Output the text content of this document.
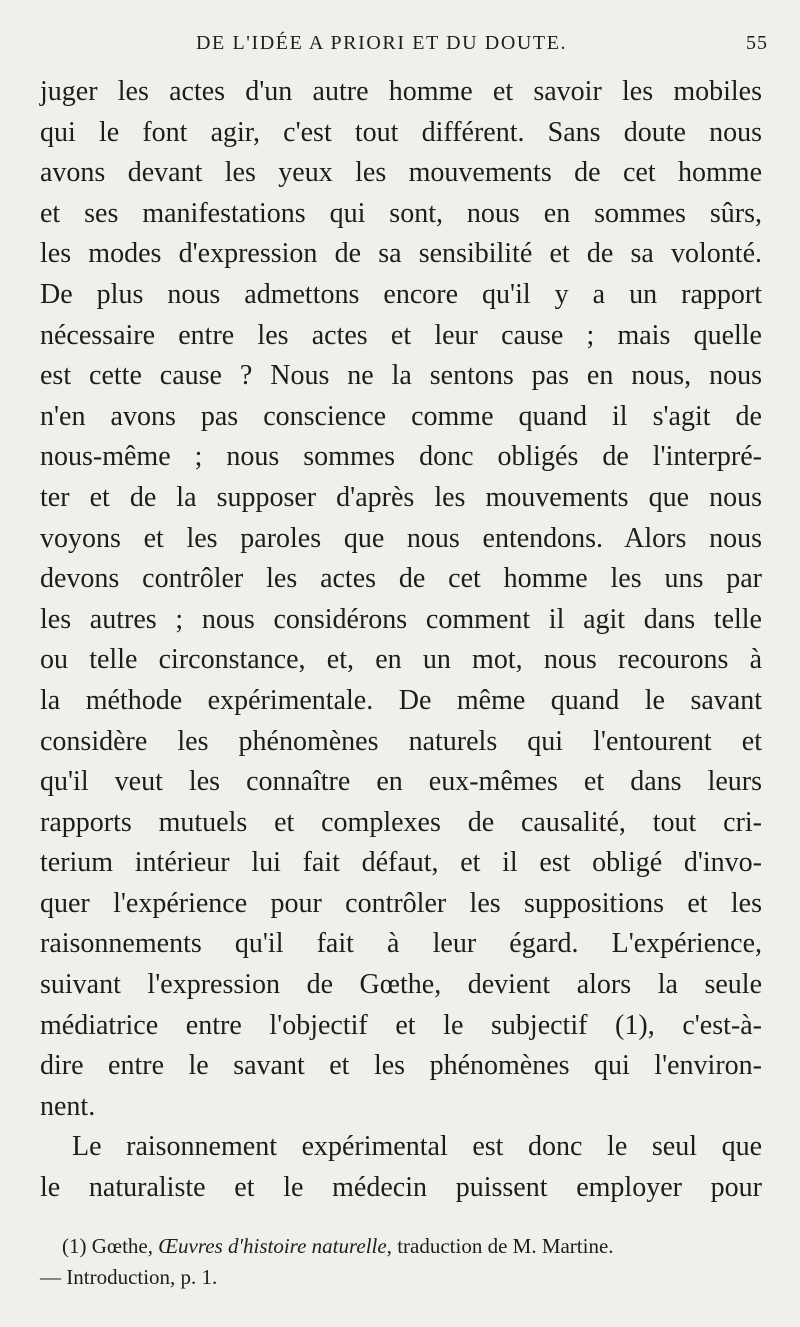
DE L'IDÉE A PRIORI ET DU DOUTE.	55
juger les actes d'un autre homme et savoir les mobiles
qui le font agir, c'est tout différent. Sans doute nous
avons devant les yeux les mouvements de cet homme
et ses manifestations qui sont, nous en sommes sûrs,
les modes d'expression de sa sensibilité et de sa volonté.
De plus nous admettons encore qu'il y a un rapport
nécessaire entre les actes et leur cause ; mais quelle
est cette cause ? Nous ne la sentons pas en nous, nous
n'en avons pas conscience comme quand il s'agit de
nous-même ; nous sommes donc obligés de l'interpré-
ter et de la supposer d'après les mouvements que nous
voyons et les paroles que nous entendons. Alors nous
devons contrôler les actes de cet homme les uns par
les autres ; nous considérons comment il agit dans telle
ou telle circonstance, et, en un mot, nous recourons à
la méthode expérimentale. De même quand le savant
considère les phénomènes naturels qui l'entourent et
qu'il veut les connaître en eux-mêmes et dans leurs
rapports mutuels et complexes de causalité, tout cri-
terium intérieur lui fait défaut, et il est obligé d'invo-
quer l'expérience pour contrôler les suppositions et les
raisonnements qu'il fait à leur égard. L'expérience,
suivant l'expression de Gœthe, devient alors la seule
médiatrice entre l'objectif et le subjectif (1), c'est-à-
dire entre le savant et les phénomènes qui l'environ-
nent.
Le raisonnement expérimental est donc le seul que
le naturaliste et le médecin puissent employer pour
(1) Gœthe, Œuvres d'histoire naturelle, traduction de M. Martine.
— Introduction, p. 1.
